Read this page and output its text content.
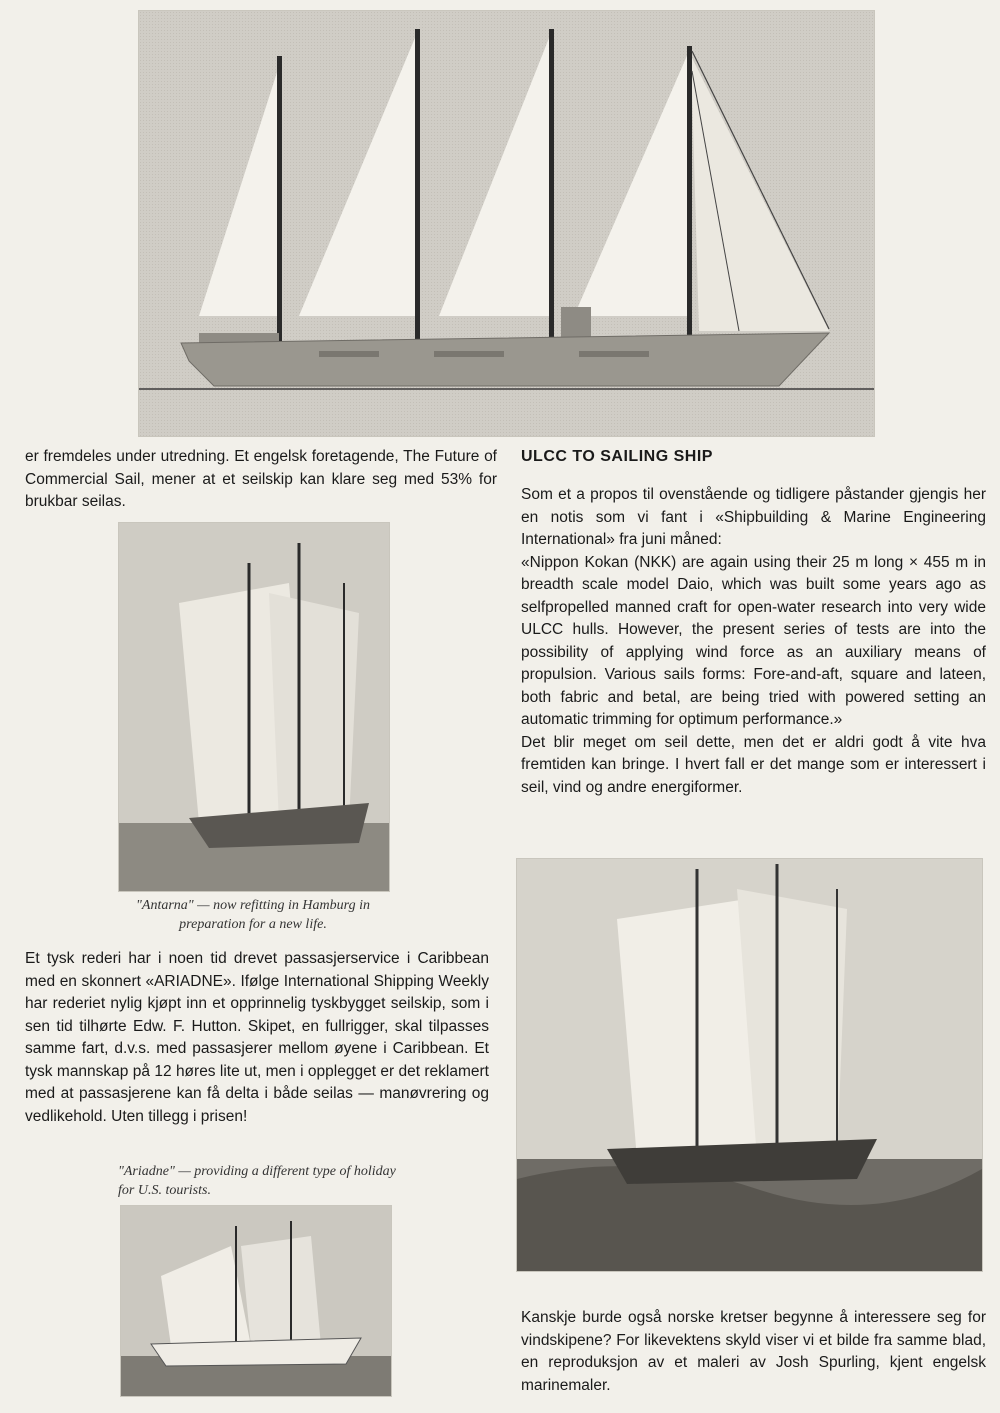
er fremdeles under utredning. Et engelsk foretagende, The Future of Commercial Sail, mener at et seilskip kan klare seg med 53% for brukbar seilas.

"Antarna" — now refitting in Hamburg in preparation for a new life.

Et tysk rederi har i noen tid drevet passasjerservice i Caribbean med en skonnert «ARIADNE». Ifølge International Shipping Weekly har rederiet nylig kjøpt inn et opprinnelig tyskbygget seilskip, som i sen tid tilhørte Edw. F. Hutton. Skipet, en fullrigger, skal tilpasses samme fart, d.v.s. med passasjerer mellom øyene i Caribbean. Et tysk mannskap på 12 høres lite ut, men i opplegget er det reklamert med at passasjerene kan få delta i både seilas — manøvrering og vedlikehold. Uten tillegg i prisen!

"Ariadne" — providing a different type of holiday for U.S. tourists.
ULCC TO SAILING SHIP

Som et a propos til ovenstående og tidligere påstander gjengis her en notis som vi fant i «Shipbuilding & Marine Engineering International» fra juni måned:

«Nippon Kokan (NKK) are again using their 25 m long × 455 m in breadth scale model Daio, which was built some years ago as selfpropelled manned craft for open-water research into very wide ULCC hulls. However, the present series of tests are into the possibility of applying wind force as an auxiliary means of propulsion. Various sails forms: Fore-and-aft, square and lateen, both fabric and betal, are being tried with powered setting an automatic trimming for optimum performance.»

Det blir meget om seil dette, men det er aldri godt å vite hva fremtiden kan bringe. I hvert fall er det mange som er interessert i seil, vind og andre energiformer.

Kanskje burde også norske kretser begynne å interessere seg for vindskipene? For likevektens skyld viser vi et bilde fra samme blad, en reproduksjon av et maleri av Josh Spurling, kjent engelsk marinemaler.
